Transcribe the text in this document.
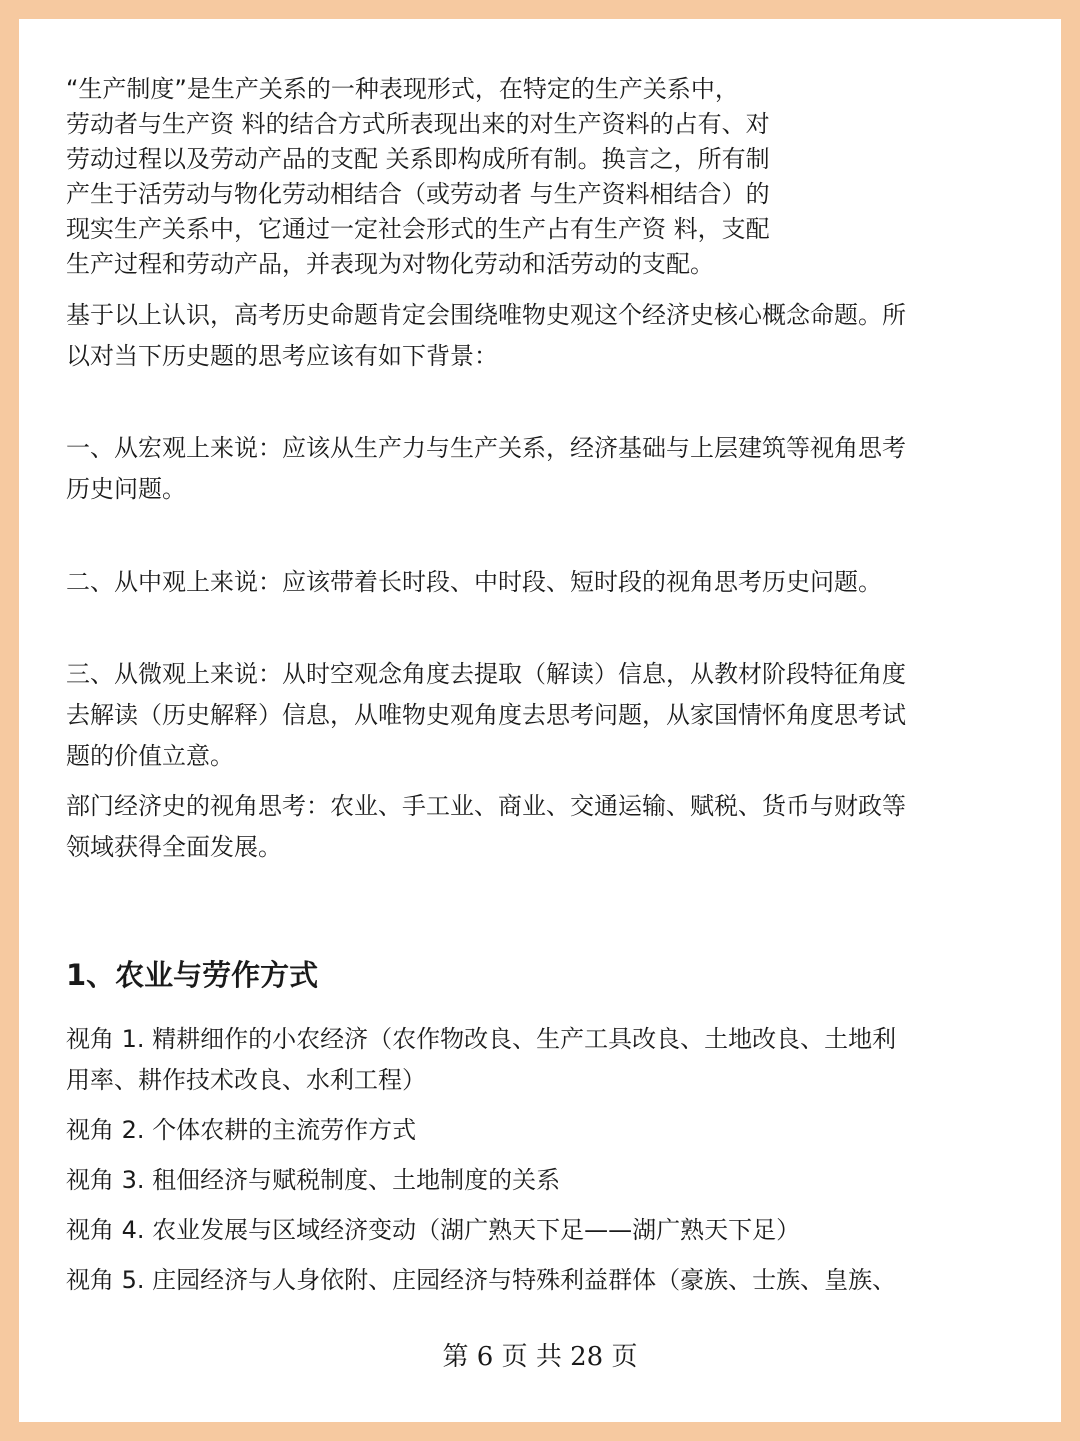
“生产制度”是生产关系的一种表现形式，在特定的生产关系中，
劳动者与生产资 料的结合方式所表现出来的对生产资料的占有、对
劳动过程以及劳动产品的支配 关系即构成所有制。换言之，所有制
产生于活劳动与物化劳动相结合（或劳动者 与生产资料相结合）的
现实生产关系中，它通过一定社会形式的生产占有生产资 料，支配
生产过程和劳动产品，并表现为对物化劳动和活劳动的支配。
基于以上认识，高考历史命题肯定会围绕唯物史观这个经济史核心概念命题。所
以对当下历史题的思考应该有如下背景：
一、从宏观上来说：应该从生产力与生产关系，经济基础与上层建筑等视角思考
历史问题。
二、从中观上来说：应该带着长时段、中时段、短时段的视角思考历史问题。
三、从微观上来说：从时空观念角度去提取（解读）信息，从教材阶段特征角度
去解读（历史解释）信息，从唯物史观角度去思考问题，从家国情怀角度思考试
题的价值立意。
部门经济史的视角思考：农业、手工业、商业、交通运输、赋税、货币与财政等
领域获得全面发展。
1、农业与劳作方式
视角 1. 精耕细作的小农经济（农作物改良、生产工具改良、土地改良、土地利
用率、耕作技术改良、水利工程）
视角 2. 个体农耕的主流劳作方式
视角 3. 租佃经济与赋税制度、土地制度的关系
视角 4. 农业发展与区域经济变动（湖广熟天下足——湖广熟天下足）
视角 5. 庄园经济与人身依附、庄园经济与特殊利益群体（豪族、士族、皇族、
第 6 页 共 28 页
